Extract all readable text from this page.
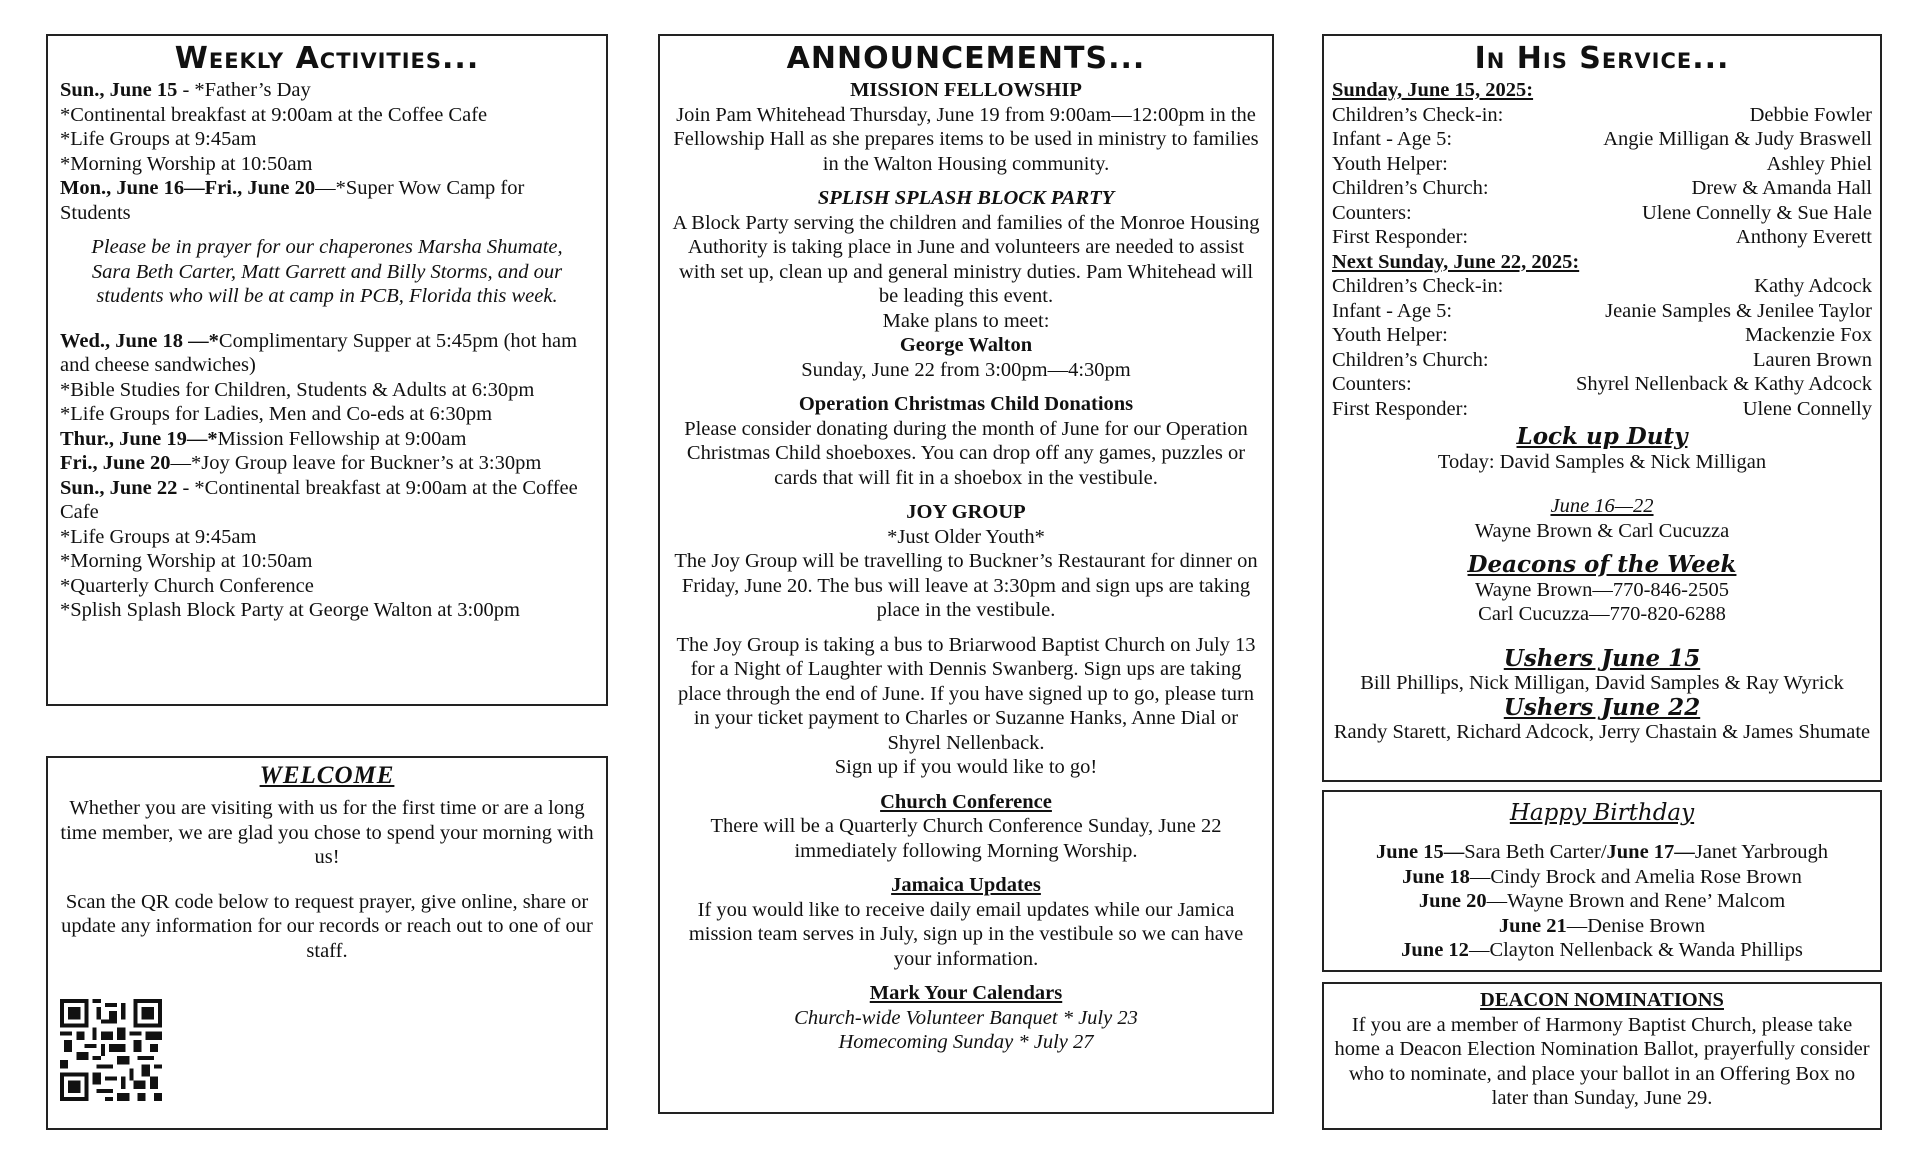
Weekly Activities...

Sun., June 15 - *Father’s Day

*Continental breakfast at 9:00am at the Coffee Cafe

*Life Groups at 9:45am

*Morning Worship at 10:50am

Mon., June 16—Fri., June 20—*Super Wow Camp for Students

Please be in prayer for our chaperones Marsha Shumate, Sara Beth Carter, Matt Garrett and Billy Storms, and our students who will be at camp in PCB, Florida this week.

Wed., June 18 —*Complimentary Supper at 5:45pm (hot ham and cheese sandwiches)

*Bible Studies for Children, Students & Adults at 6:30pm

*Life Groups for Ladies, Men and Co-eds at 6:30pm

Thur., June 19—*Mission Fellowship at 9:00am

Fri., June 20—*Joy Group leave for Buckner’s at 3:30pm

Sun., June 22 - *Continental breakfast at 9:00am at the Coffee Cafe

*Life Groups at 9:45am

*Morning Worship at 10:50am

*Quarterly Church Conference

*Splish Splash Block Party at George Walton at 3:00pm

WELCOME

Whether you are visiting with us for the first time or are a long time member, we are glad you chose to spend your morning with us!

Scan the QR code below to request prayer, give online, share or update any information for our records or reach out to one of our staff.

ANNOUNCEMENTS...

MISSION FELLOWSHIP

Join Pam Whitehead Thursday, June 19 from 9:00am—12:00pm in the Fellowship Hall as she prepares items to be used in ministry to families in the Walton Housing community.

SPLISH SPLASH BLOCK PARTY

A Block Party serving the children and families of the Monroe Housing Authority is taking place in June and volunteers are needed to assist with set up, clean up and general ministry duties. Pam Whitehead will be leading this event.

Make plans to meet:

George Walton

Sunday, June 22 from 3:00pm—4:30pm

Operation Christmas Child Donations

Please consider donating during the month of June for our Operation Christmas Child shoeboxes. You can drop off any games, puzzles or cards that will fit in a shoebox in the vestibule.

JOY GROUP

*Just Older Youth*

The Joy Group will be travelling to Buckner’s Restaurant for dinner on Friday, June 20. The bus will leave at 3:30pm and sign ups are taking place in the vestibule.

The Joy Group is taking a bus to Briarwood Baptist Church on July 13 for a Night of Laughter with Dennis Swanberg. Sign ups are taking place through the end of June. If you have signed up to go, please turn in your ticket payment to Charles or Suzanne Hanks, Anne Dial or Shyrel Nellenback.

Sign up if you would like to go!

Church Conference

There will be a Quarterly Church Conference Sunday, June 22 immediately following Morning Worship.

Jamaica Updates

If you would like to receive daily email updates while our Jamica mission team serves in July, sign up in the vestibule so we can have your information.

Mark Your Calendars

Church-wide Volunteer Banquet * July 23

Homecoming Sunday * July 27

In His Service...

Sunday, June 15, 2025:

Children’s Check-in:	Debbie Fowler
Infant - Age 5:	Angie Milligan & Judy Braswell
Youth Helper:	Ashley Phiel
Children’s Church:	Drew & Amanda Hall
Counters:	Ulene Connelly & Sue Hale
First Responder:	Anthony Everett

Next Sunday, June 22, 2025:

Children’s Check-in:	Kathy Adcock
Infant - Age 5:	Jeanie Samples & Jenilee Taylor
Youth Helper:	Mackenzie Fox
Children’s Church:	Lauren Brown
Counters:	Shyrel Nellenback & Kathy Adcock
First Responder:	Ulene Connelly

Lock up Duty

Today: David Samples & Nick Milligan

June 16—22

Wayne Brown & Carl Cucuzza

Deacons of the Week

Wayne Brown—770-846-2505

Carl Cucuzza—770-820-6288

Ushers June 15

Bill Phillips, Nick Milligan, David Samples & Ray Wyrick

Ushers June 22

Randy Starett, Richard Adcock, Jerry Chastain & James Shumate

Happy Birthday

June 15—Sara Beth Carter/June 17—Janet Yarbrough

June 18—Cindy Brock and Amelia Rose Brown

June 20—Wayne Brown and Rene’ Malcom

June 21—Denise Brown

June 12—Clayton Nellenback & Wanda Phillips

DEACON NOMINATIONS

If you are a member of Harmony Baptist Church, please take home a Deacon Election Nomination Ballot, prayerfully consider who to nominate, and place your ballot in an Offering Box no later than Sunday, June 29.
